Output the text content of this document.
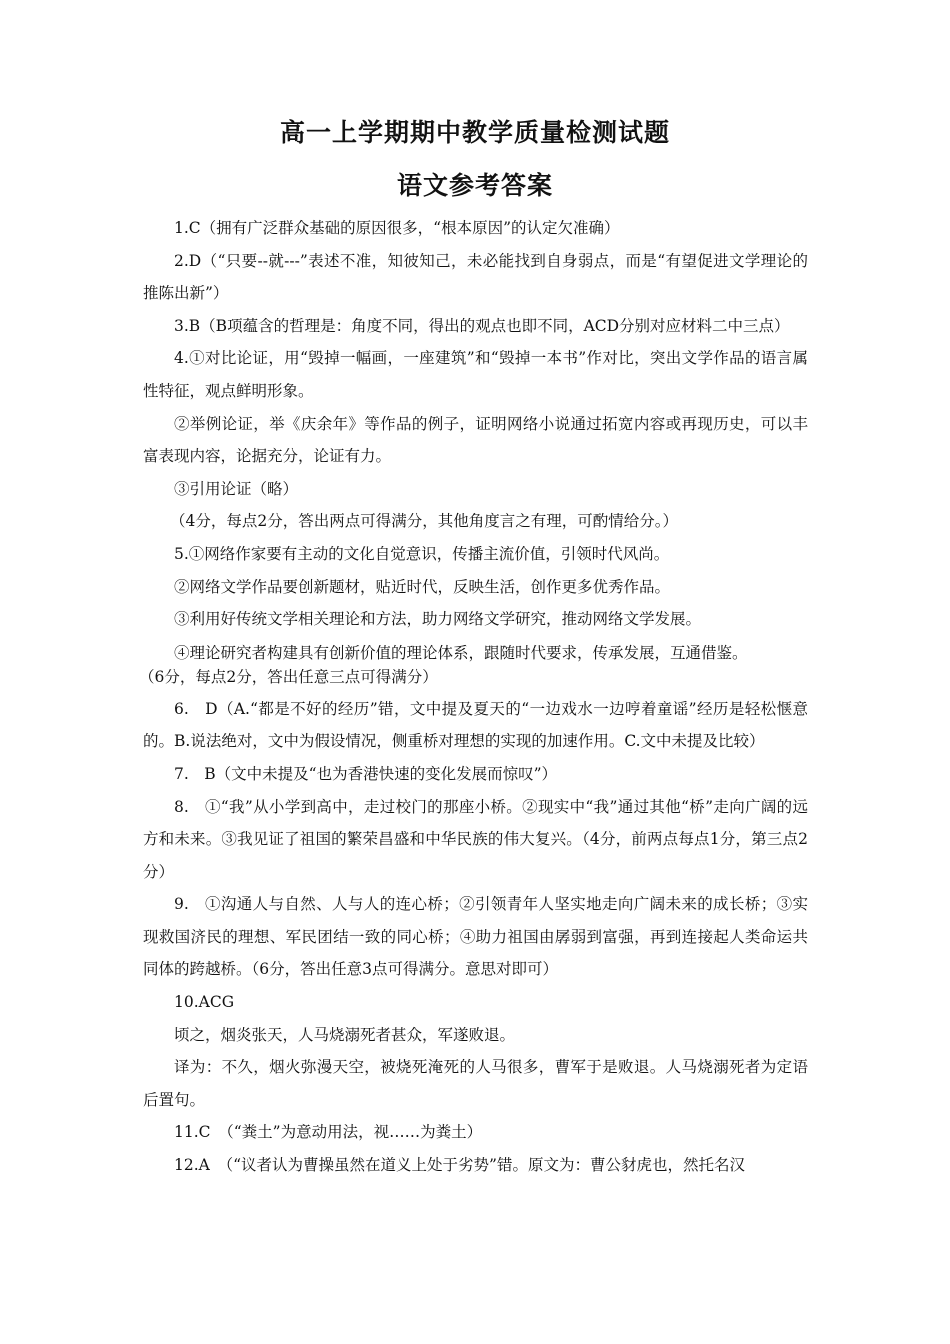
高一上学期期中教学质量检测试题
语文参考答案

1.C（拥有广泛群众基础的原因很多，“根本原因”的认定欠准确）

2.D（“只要--就---”表述不准，知彼知己，未必能找到自身弱点，而是“有望促进文学理论的推陈出新”）

3.B（B项蕴含的哲理是：角度不同，得出的观点也即不同，ACD分别对应材料二中三点）

4.①对比论证，用“毁掉一幅画，一座建筑”和“毁掉一本书”作对比，突出文学作品的语言属性特征，观点鲜明形象。

②举例论证，举《庆余年》等作品的例子，证明网络小说通过拓宽内容或再现历史，可以丰富表现内容，论据充分，论证有力。

③引用论证（略）

（4分，每点2分，答出两点可得满分，其他角度言之有理，可酌情给分。）

5.①网络作家要有主动的文化自觉意识，传播主流价值，引领时代风尚。

②网络文学作品要创新题材，贴近时代，反映生活，创作更多优秀作品。

③利用好传统文学相关理论和方法，助力网络文学研究，推动网络文学发展。

④理论研究者构建具有创新价值的理论体系，跟随时代要求，传承发展，互通借鉴。

（6分，每点2分，答出任意三点可得满分）

6.　D（A.“都是不好的经历”错，文中提及夏天的“一边戏水一边哼着童谣”经历是轻松惬意的。B.说法绝对，文中为假设情况，侧重桥对理想的实现的加速作用。C.文中未提及比较）

7.　B（文中未提及“也为香港快速的变化发展而惊叹”）

8.　①“我”从小学到高中，走过校门的那座小桥。②现实中“我”通过其他“桥”走向广阔的远方和未来。③我见证了祖国的繁荣昌盛和中华民族的伟大复兴。（4分，前两点每点1分，第三点2分）

9.　①沟通人与自然、人与人的连心桥；②引领青年人坚实地走向广阔未来的成长桥；③实现救国济民的理想、军民团结一致的同心桥；④助力祖国由孱弱到富强，再到连接起人类命运共同体的跨越桥。（6分，答出任意3点可得满分。意思对即可）

10.ACG

顷之，烟炎张天，人马烧溺死者甚众，军遂败退。

译为：不久，烟火弥漫天空，被烧死淹死的人马很多，曹军于是败退。人马烧溺死者为定语后置句。

11.C　（“粪土”为意动用法，视……为粪土）

12.A　（“议者认为曹操虽然在道义上处于劣势”错。原文为：曹公豺虎也，然托名汉
